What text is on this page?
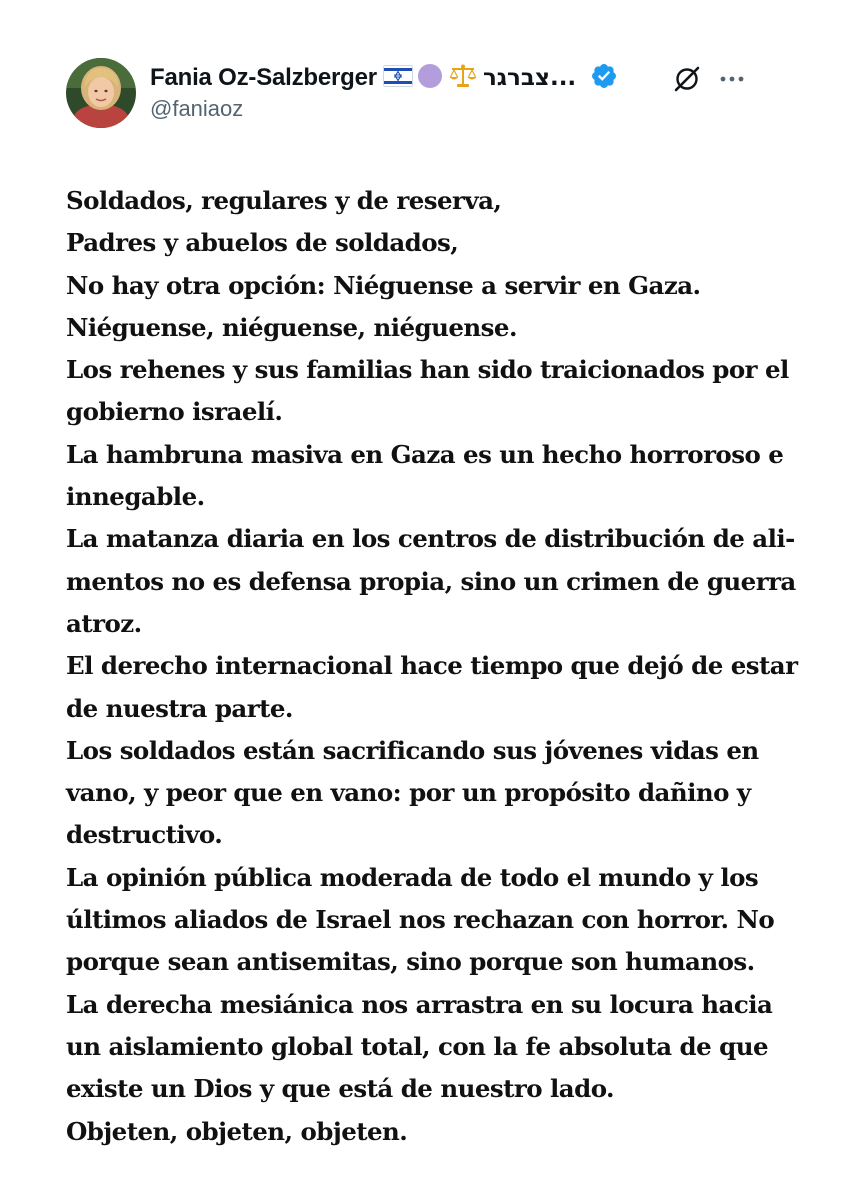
Fania Oz-Salzberger	צברגר...
@faniaoz
Soldados, regulares y de reserva,
Padres y abuelos de soldados,
No hay otra opción: Niéguense a servir en Gaza.
Niéguense, niéguense, niéguense.
Los rehenes y sus familias han sido traicionados por el
gobierno israelí.
La hambruna masiva en Gaza es un hecho horroroso e
innegable.
La matanza diaria en los centros de distribución de ali-
mentos no es defensa propia, sino un crimen de guerra
atroz.
El derecho internacional hace tiempo que dejó de estar
de nuestra parte.
Los soldados están sacrificando sus jóvenes vidas en
vano, y peor que en vano: por un propósito dañino y
destructivo.
La opinión pública moderada de todo el mundo y los
últimos aliados de Israel nos rechazan con horror. No
porque sean antisemitas, sino porque son humanos.
La derecha mesiánica nos arrastra en su locura hacia
un aislamiento global total, con la fe absoluta de que
existe un Dios y que está de nuestro lado.
Objeten, objeten, objeten.
